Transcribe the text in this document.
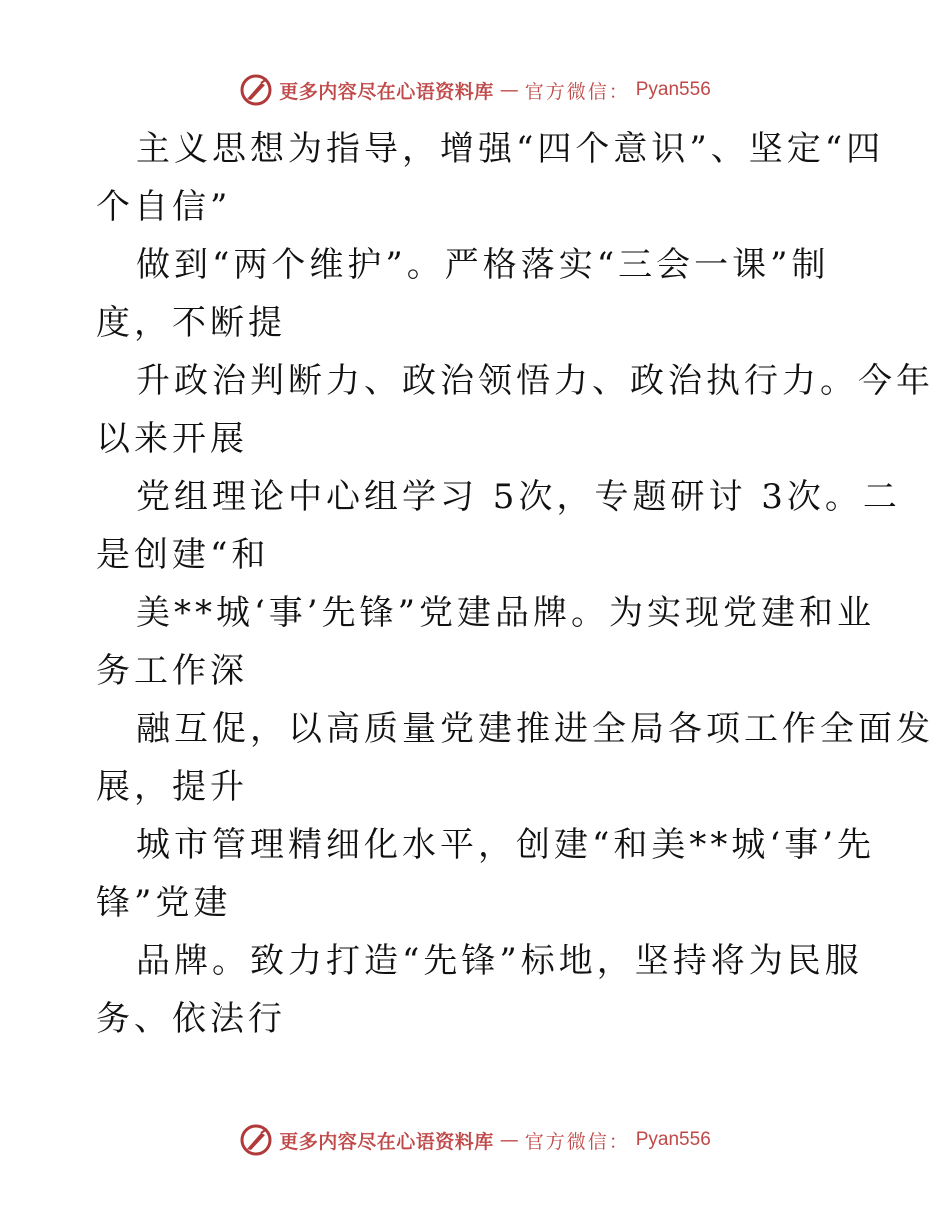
更多内容尽在心语资料库 — 官方微信： Pyan556

主义思想为指导，增强“四个意识”、坚定“四
个自信”

做到“两个维护”。严格落实“三会一课”制
度，不断提

升政治判断力、政治领悟力、政治执行力。今年
以来开展

党组理论中心组学习 5次，专题研讨 3次。二
是创建“和

美**城‘事’先锋”党建品牌。为实现党建和业
务工作深

融互促，以高质量党建推进全局各项工作全面发
展，提升

城市管理精细化水平，创建“和美**城‘事’先
锋”党建

品牌。致力打造“先锋”标地，坚持将为民服
务、依法行

更多内容尽在心语资料库 — 官方微信： Pyan556
